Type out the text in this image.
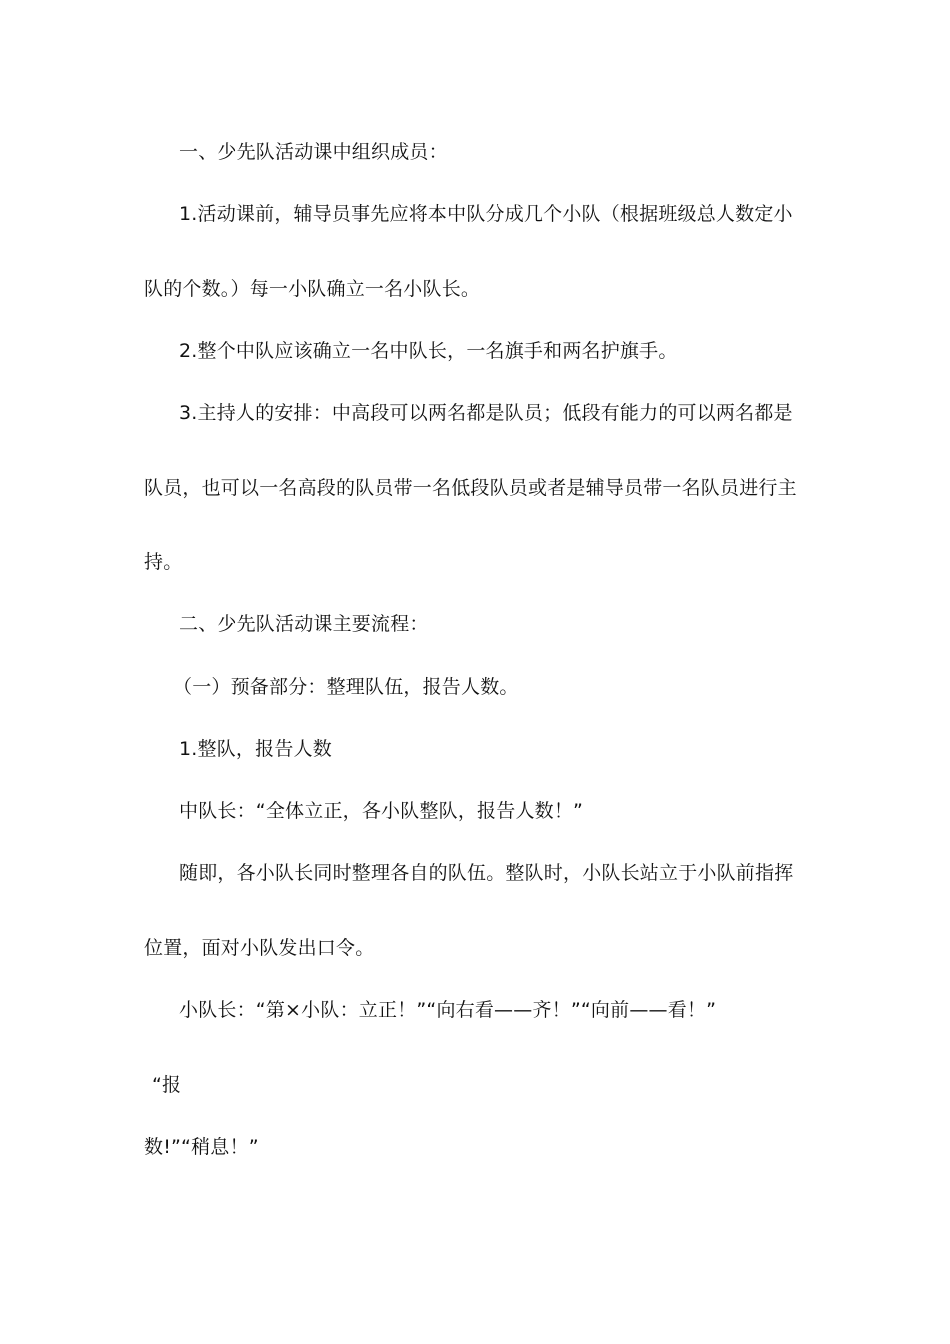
一、少先队活动课中组织成员：
1.活动课前，辅导员事先应将本中队分成几个小队（根据班级总人数定小
队的个数。）每一小队确立一名小队长。
2.整个中队应该确立一名中队长，一名旗手和两名护旗手。
3.主持人的安排：中高段可以两名都是队员；低段有能力的可以两名都是
队员，也可以一名高段的队员带一名低段队员或者是辅导员带一名队员进行主
持。
二、少先队活动课主要流程：
（一）预备部分：整理队伍，报告人数。
1.整队，报告人数
中队长：“全体立正，各小队整队，报告人数！”
随即，各小队长同时整理各自的队伍。整队时，小队长站立于小队前指挥
位置，面对小队发出口令。
小队长：“第×小队：立正！”“向右看——齐！”“向前——看！”
“报
数!”“稍息！”
